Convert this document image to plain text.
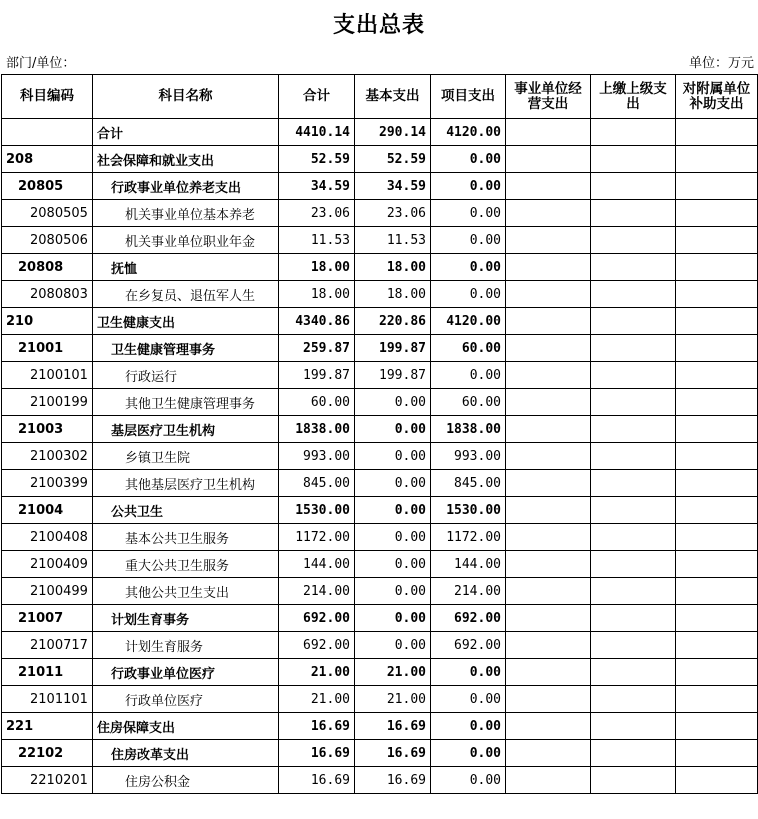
支出总表
部门/单位：	单位：万元
科目编码	科目名称	合计	基本支出	项目支出	事业单位经营支出	上缴上级支出	对附属单位补助支出
	合计	4410.14	290.14	4120.00			
208	社会保障和就业支出	52.59	52.59	0.00			
20805	行政事业单位养老支出	34.59	34.59	0.00			
2080505	机关事业单位基本养老	23.06	23.06	0.00			
2080506	机关事业单位职业年金	11.53	11.53	0.00			
20808	抚恤	18.00	18.00	0.00			
2080803	在乡复员、退伍军人生	18.00	18.00	0.00			
210	卫生健康支出	4340.86	220.86	4120.00			
21001	卫生健康管理事务	259.87	199.87	60.00			
2100101	行政运行	199.87	199.87	0.00			
2100199	其他卫生健康管理事务	60.00	0.00	60.00			
21003	基层医疗卫生机构	1838.00	0.00	1838.00			
2100302	乡镇卫生院	993.00	0.00	993.00			
2100399	其他基层医疗卫生机构	845.00	0.00	845.00			
21004	公共卫生	1530.00	0.00	1530.00			
2100408	基本公共卫生服务	1172.00	0.00	1172.00			
2100409	重大公共卫生服务	144.00	0.00	144.00			
2100499	其他公共卫生支出	214.00	0.00	214.00			
21007	计划生育事务	692.00	0.00	692.00			
2100717	计划生育服务	692.00	0.00	692.00			
21011	行政事业单位医疗	21.00	21.00	0.00			
2101101	行政单位医疗	21.00	21.00	0.00			
221	住房保障支出	16.69	16.69	0.00			
22102	住房改革支出	16.69	16.69	0.00			
2210201	住房公积金	16.69	16.69	0.00			
